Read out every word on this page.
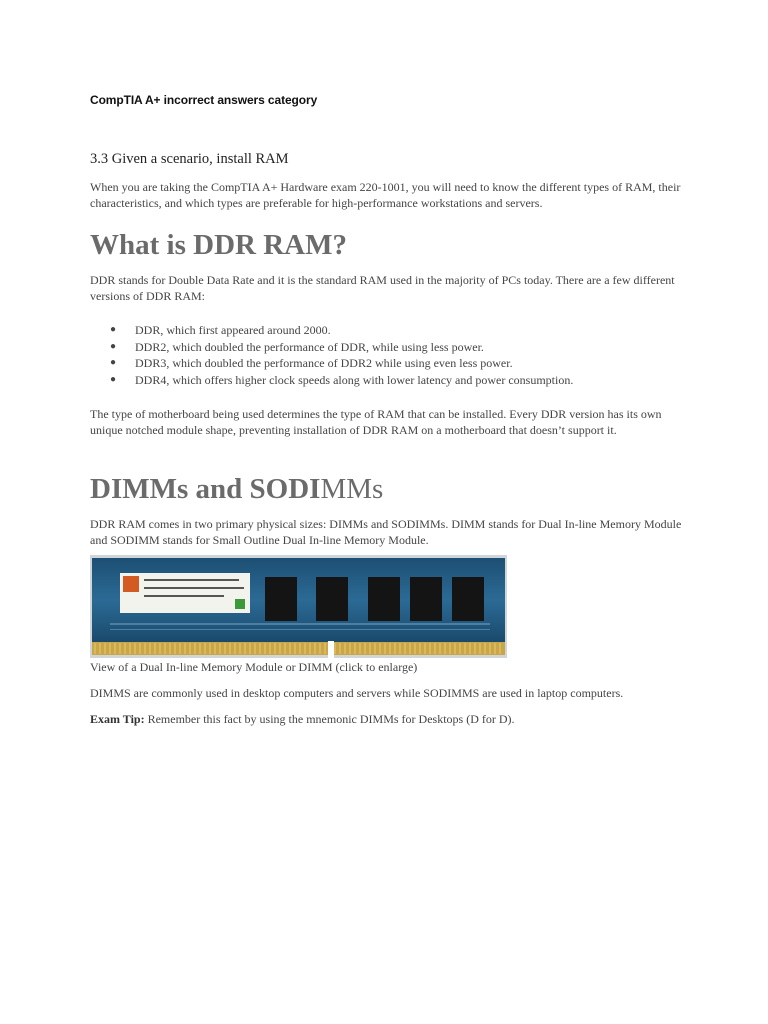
CompTIA A+ incorrect answers category
3.3 Given a scenario, install RAM

When you are taking the CompTIA A+ Hardware exam 220-1001, you will need to know the different types of RAM, their characteristics, and which types are preferable for high-performance workstations and servers.

What is DDR RAM?

DDR stands for Double Data Rate and it is the standard RAM used in the majority of PCs today. There are a few different versions of DDR RAM:

● DDR, which first appeared around 2000.
● DDR2, which doubled the performance of DDR, while using less power.
● DDR3, which doubled the performance of DDR2 while using even less power.
● DDR4, which offers higher clock speeds along with lower latency and power consumption.

The type of motherboard being used determines the type of RAM that can be installed. Every DDR version has its own unique notched module shape, preventing installation of DDR RAM on a motherboard that doesn’t support it.

DIMMs and SODIMMs

DDR RAM comes in two primary physical sizes: DIMMs and SODIMMs. DIMM stands for Dual In-line Memory Module and SODIMM stands for Small Outline Dual In-line Memory Module.

View of a Dual In-line Memory Module or DIMM (click to enlarge)

DIMMS are commonly used in desktop computers and servers while SODIMMS are used in laptop computers.

Exam Tip: Remember this fact by using the mnemonic DIMMs for Desktops (D for D).
